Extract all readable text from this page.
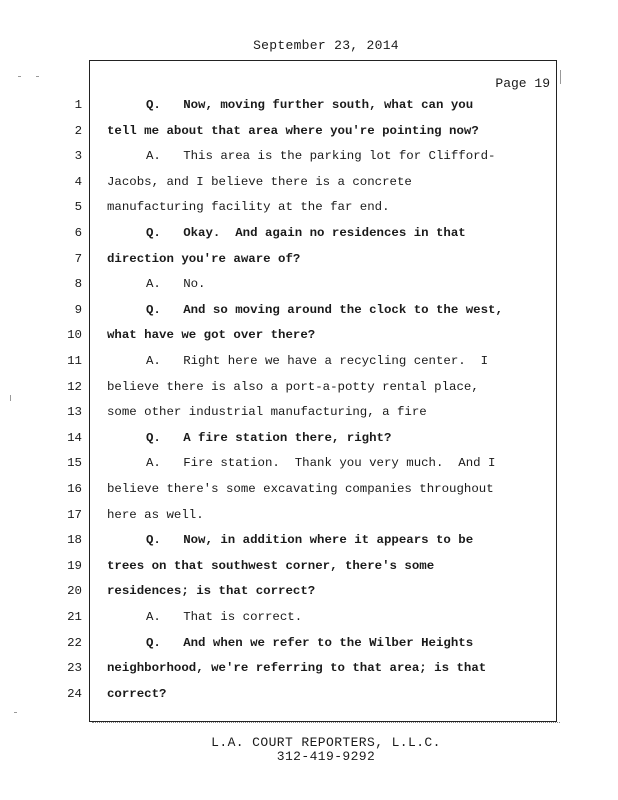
September 23, 2014
Page 19
1	Q. Now, moving further south, what can you
2 tell me about that area where you're pointing now?
3	A. This area is the parking lot for Clifford-
4 Jacobs, and I believe there is a concrete
5 manufacturing facility at the far end.
6	Q. Okay.  And again no residences in that
7 direction you're aware of?
8	A. No.
9	Q. And so moving around the clock to the west,
10 what have we got over there?
11	A. Right here we have a recycling center.  I
12 believe there is also a port-a-potty rental place,
13 some other industrial manufacturing, a fire
14	Q. A fire station there, right?
15	A. Fire station.  Thank you very much.  And I
16 believe there's some excavating companies throughout
17 here as well.
18	Q. Now, in addition where it appears to be
19 trees on that southwest corner, there's some
20 residences; is that correct?
21	A. That is correct.
22	Q. And when we refer to the Wilber Heights
23 neighborhood, we're referring to that area; is that
24 correct?
L.A. COURT REPORTERS, L.L.C.
312-419-9292
